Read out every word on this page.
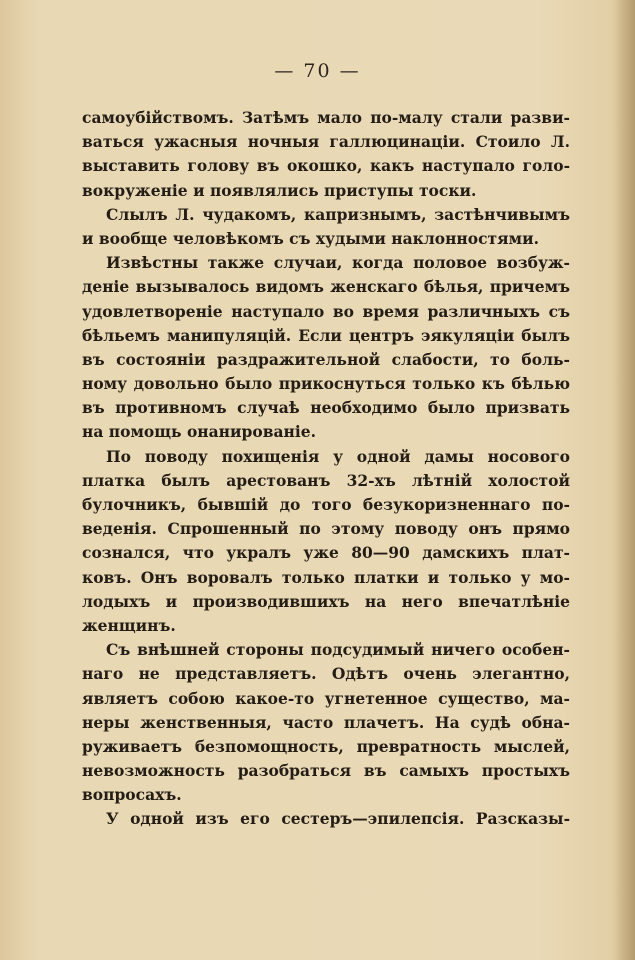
— 70 —
самоубійствомъ. Затѣмъ мало по-малу стали разви-
ваться ужасныя ночныя галлюцинаціи. Стоило Л.
выставить голову въ окошко, какъ наступало голо-
вокруженіе и появлялись приступы тоски.
Слылъ Л. чудакомъ, капризнымъ, застѣнчивымъ
и вообще человѣкомъ съ худыми наклонностями.
Извѣстны также случаи, когда половое возбуж-
деніе вызывалось видомъ женскаго бѣлья, причемъ
удовлетвореніе наступало во время различныхъ съ
бѣльемъ манипуляцій. Если центръ эякуляціи былъ
въ состояніи раздражительной слабости, то боль-
ному довольно было прикоснуться только къ бѣлью
въ противномъ случаѣ необходимо было призвать
на помощь онанированіе.
По поводу похищенія у одной дамы носового
платка былъ арестованъ 32-хъ лѣтній холостой
булочникъ, бывшій до того безукоризненнаго по-
веденія. Спрошенный по этому поводу онъ прямо
сознался, что укралъ уже 80—90 дамскихъ плат-
ковъ. Онъ воровалъ только платки и только у мо-
лодыхъ и производившихъ на него впечатлѣніе
женщинъ.
Съ внѣшней стороны подсудимый ничего особен-
наго не представляетъ. Одѣтъ очень элегантно,
являетъ собою какое-то угнетенное существо, ма-
неры женственныя, часто плачетъ. На судѣ обна-
руживаетъ безпомощность, превратность мыслей,
невозможность разобраться въ самыхъ простыхъ
вопросахъ.
У одной изъ его сестеръ—эпилепсія. Разсказы-
